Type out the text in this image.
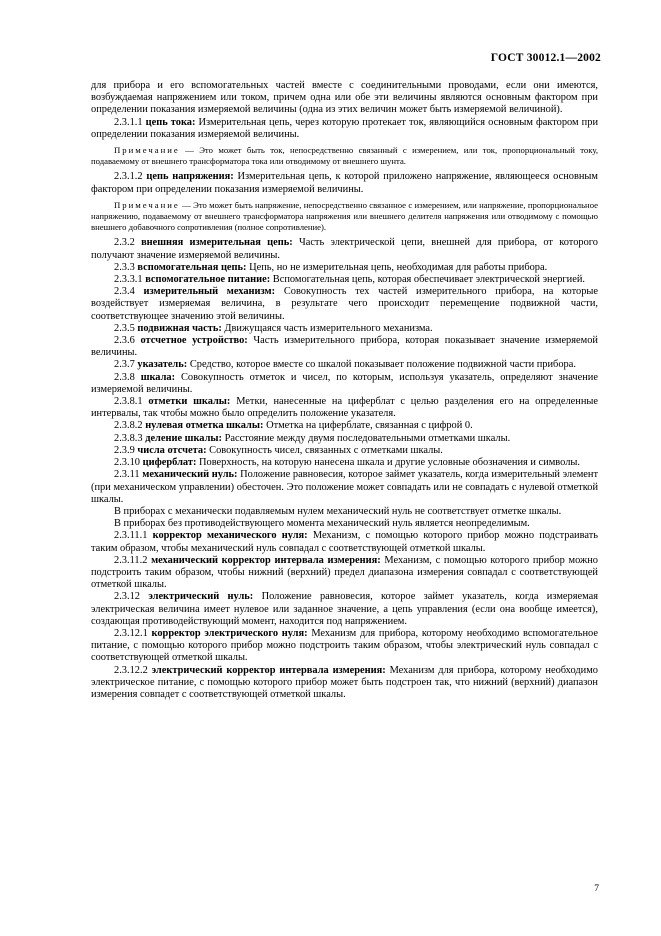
ГОСТ 30012.1—2002

для прибора и его вспомогательных частей вместе с соединительными проводами, если они имеются, возбуждаемая напряжением или током, причем одна или обе эти величины являются основным фактором при определении показания измеряемой величины (одна из этих величин может быть измеряемой величиной).

2.3.1.1 цепь тока: Измерительная цепь, через которую протекает ток, являющийся основным фактором при определении показания измеряемой величины.

Примечание — Это может быть ток, непосредственно связанный с измерением, или ток, пропорциональный току, подаваемому от внешнего трансформатора тока или отводимому от внешнего шунта.

2.3.1.2 цепь напряжения: Измерительная цепь, к которой приложено напряжение, являющееся основным фактором при определении показания измеряемой величины.

Примечание — Это может быть напряжение, непосредственно связанное с измерением, или напряжение, пропорциональное напряжению, подаваемому от внешнего трансформатора напряжения или внешнего делителя напряжения или отводимому с помощью внешнего добавочного сопротивления (полное сопротивление).

2.3.2 внешняя измерительная цепь: Часть электрической цепи, внешней для прибора, от которого получают значение измеряемой величины.

2.3.3 вспомогательная цепь: Цепь, но не измерительная цепь, необходимая для работы прибора.

2.3.3.1 вспомогательное питание: Вспомогательная цепь, которая обеспечивает электрической энергией.

2.3.4 измерительный механизм: Совокупность тех частей измерительного прибора, на которые воздействует измеряемая величина, в результате чего происходит перемещение подвижной части, соответствующее значению этой величины.

2.3.5 подвижная часть: Движущаяся часть измерительного механизма.

2.3.6 отсчетное устройство: Часть измерительного прибора, которая показывает значение измеряемой величины.

2.3.7 указатель: Средство, которое вместе со шкалой показывает положение подвижной части прибора.

2.3.8 шкала: Совокупность отметок и чисел, по которым, используя указатель, определяют значение измеряемой величины.

2.3.8.1 отметки шкалы: Метки, нанесенные на циферблат с целью разделения его на определенные интервалы, так чтобы можно было определить положение указателя.

2.3.8.2 нулевая отметка шкалы: Отметка на циферблате, связанная с цифрой 0.

2.3.8.3 деление шкалы: Расстояние между двумя последовательными отметками шкалы.

2.3.9 числа отсчета: Совокупность чисел, связанных с отметками шкалы.

2.3.10 циферблат: Поверхность, на которую нанесена шкала и другие условные обозначения и символы.

2.3.11 механический нуль: Положение равновесия, которое займет указатель, когда измерительный элемент (при механическом управлении) обесточен. Это положение может совпадать или не совпадать с нулевой отметкой шкалы.

В приборах с механически подавляемым нулем механический нуль не соответствует отметке шкалы.

В приборах без противодействующего момента механический нуль является неопределимым.

2.3.11.1 корректор механического нуля: Механизм, с помощью которого прибор можно подстраивать таким образом, чтобы механический нуль совпадал с соответствующей отметкой шкалы.

2.3.11.2 механический корректор интервала измерения: Механизм, с помощью которого прибор можно подстроить таким образом, чтобы нижний (верхний) предел диапазона измерения совпадал с соответствующей отметкой шкалы.

2.3.12 электрический нуль: Положение равновесия, которое займет указатель, когда измеряемая электрическая величина имеет нулевое или заданное значение, а цепь управления (если она вообще имеется), создающая противодействующий момент, находится под напряжением.

2.3.12.1 корректор электрического нуля: Механизм для прибора, которому необходимо вспомогательное питание, с помощью которого прибор можно подстроить таким образом, чтобы электрический нуль совпадал с соответствующей отметкой шкалы.

2.3.12.2 электрический корректор интервала измерения: Механизм для прибора, которому необходимо электрическое питание, с помощью которого прибор может быть подстроен так, что нижний (верхний) диапазон измерения совпадет с соответствующей отметкой шкалы.

7
